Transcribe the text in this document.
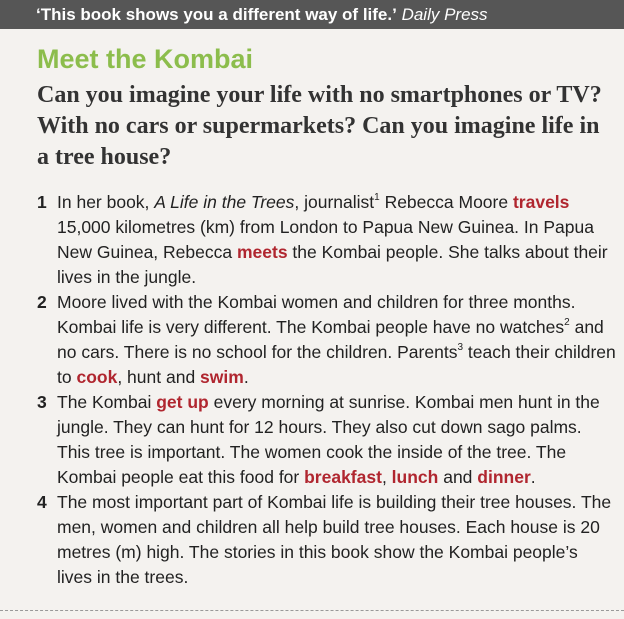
‘This book shows you a different way of life.’ Daily Press
Meet the Kombai

Can you imagine your life with no smartphones or TV? With no cars or supermarkets? Can you imagine life in a tree house?

1 In her book, A Life in the Trees, journalist$^1$ Rebecca Moore travels 15,000 kilometres (km) from London to Papua New Guinea. In Papua New Guinea, Rebecca meets the Kombai people. She talks about their lives in the jungle.

2 Moore lived with the Kombai women and children for three months. Kombai life is very different. The Kombai people have no watches$^2$ and no cars. There is no school for the children. Parents$^3$ teach their children to cook, hunt and swim.

3 The Kombai get up every morning at sunrise. Kombai men hunt in the jungle. They can hunt for 12 hours. They also cut down sago palms. This tree is important. The women cook the inside of the tree. The Kombai people eat this food for breakfast, lunch and dinner.

4 The most important part of Kombai life is building their tree houses. The men, women and children all help build tree houses. Each house is 20 metres (m) high. The stories in this book show the Kombai people’s lives in the trees.
